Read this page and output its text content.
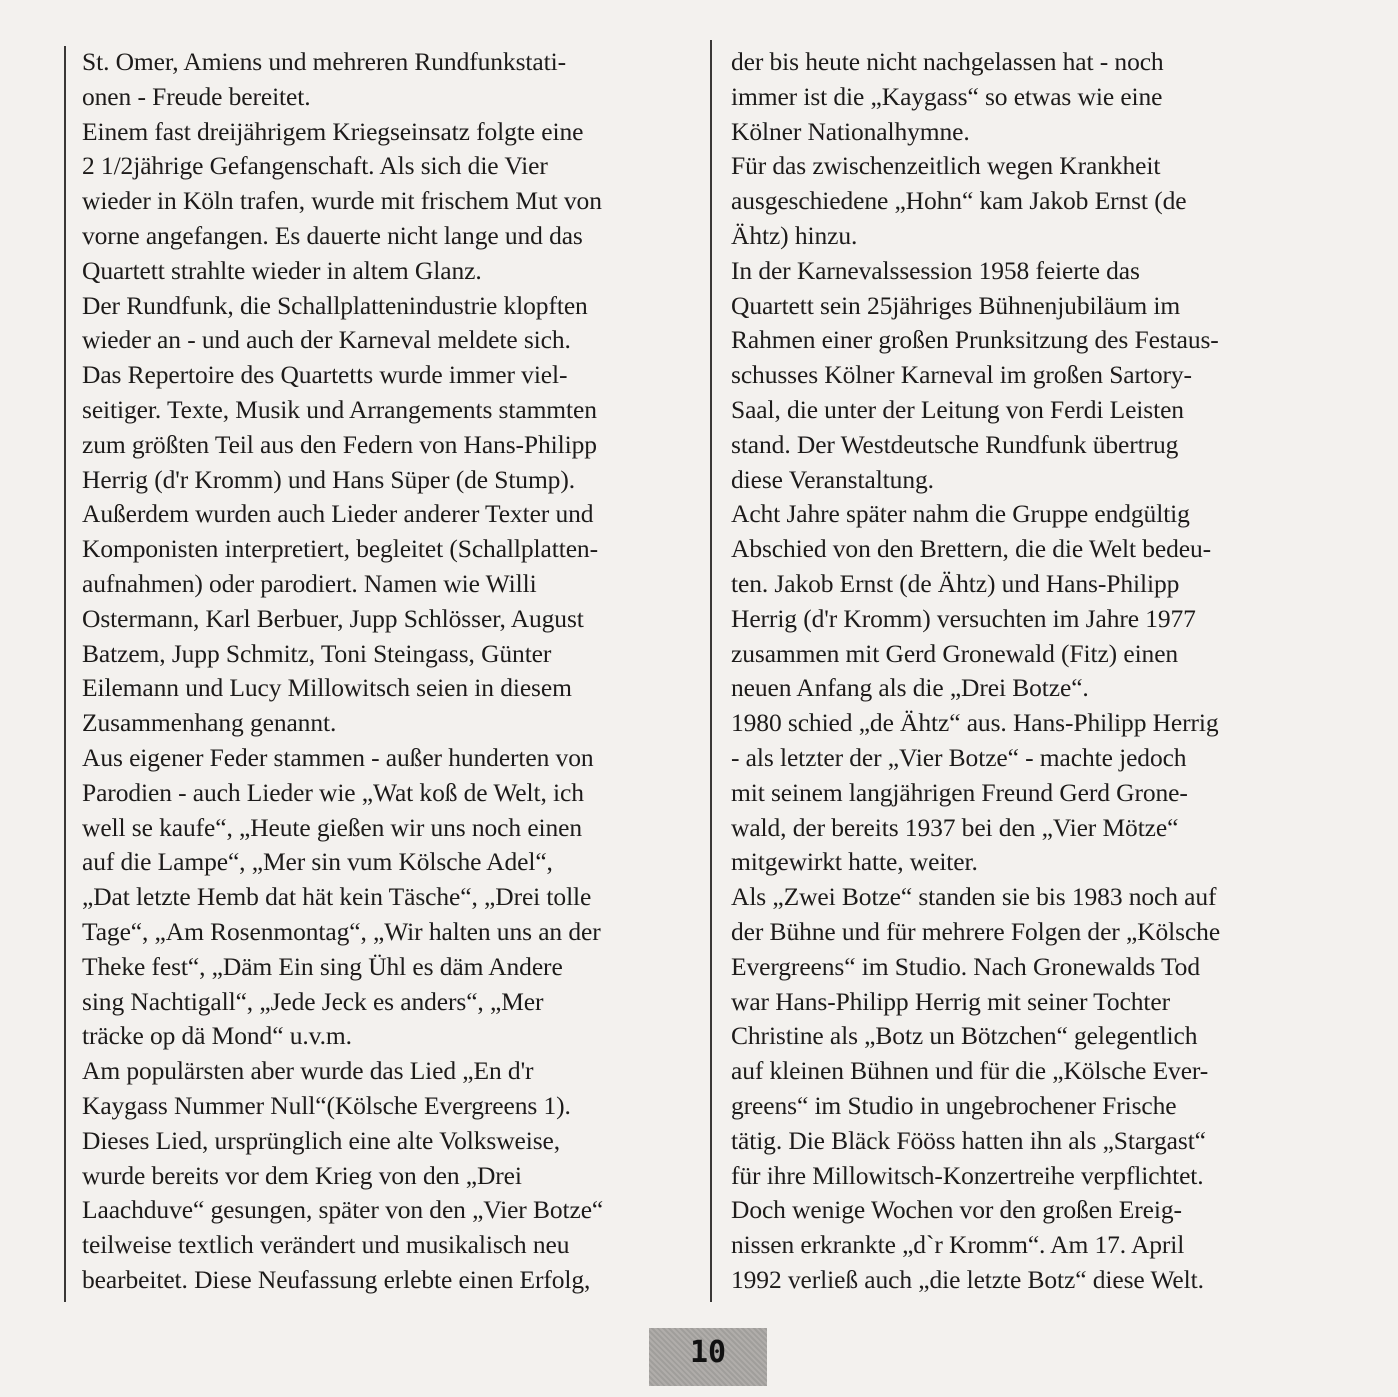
St. Omer, Amiens und mehreren Rundfunkstati-
onen - Freude bereitet.
Einem fast dreijährigem Kriegseinsatz folgte eine
2 1/2jährige Gefangenschaft. Als sich die Vier
wieder in Köln trafen, wurde mit frischem Mut von
vorne angefangen. Es dauerte nicht lange und das
Quartett strahlte wieder in altem Glanz.
Der Rundfunk, die Schallplattenindustrie klopften
wieder an - und auch der Karneval meldete sich.
Das Repertoire des Quartetts wurde immer viel-
seitiger. Texte, Musik und Arrangements stammten
zum größten Teil aus den Federn von Hans-Philipp
Herrig (d'r Kromm) und Hans Süper (de Stump).
Außerdem wurden auch Lieder anderer Texter und
Komponisten interpretiert, begleitet (Schallplatten-
aufnahmen) oder parodiert. Namen wie Willi
Ostermann, Karl Berbuer, Jupp Schlösser, August
Batzem, Jupp Schmitz, Toni Steingass, Günter
Eilemann und Lucy Millowitsch seien in diesem
Zusammenhang genannt.
Aus eigener Feder stammen - außer hunderten von
Parodien - auch Lieder wie „Wat koß de Welt, ich
well se kaufe“, „Heute gießen wir uns noch einen
auf die Lampe“, „Mer sin vum Kölsche Adel“,
„Dat letzte Hemb dat hät kein Täsche“, „Drei tolle
Tage“, „Am Rosenmontag“, „Wir halten uns an der
Theke fest“, „Däm Ein sing Ühl es däm Andere
sing Nachtigall“, „Jede Jeck es anders“, „Mer
träcke op dä Mond“ u.v.m.
Am populärsten aber wurde das Lied „En d'r
Kaygass Nummer Null“(Kölsche Evergreens 1).
Dieses Lied, ursprünglich eine alte Volksweise,
wurde bereits vor dem Krieg von den „Drei
Laachduve“ gesungen, später von den „Vier Botze“
teilweise textlich verändert und musikalisch neu
bearbeitet. Diese Neufassung erlebte einen Erfolg,
der bis heute nicht nachgelassen hat - noch
immer ist die „Kaygass“ so etwas wie eine
Kölner Nationalhymne.
Für das zwischenzeitlich wegen Krankheit
ausgeschiedene „Hohn“ kam Jakob Ernst (de
Ähtz) hinzu.
In der Karnevalssession 1958 feierte das
Quartett sein 25jähriges Bühnenjubiläum im
Rahmen einer großen Prunksitzung des Festaus-
schusses Kölner Karneval im großen Sartory-
Saal, die unter der Leitung von Ferdi Leisten
stand. Der Westdeutsche Rundfunk übertrug
diese Veranstaltung.
Acht Jahre später nahm die Gruppe endgültig
Abschied von den Brettern, die die Welt bedeu-
ten. Jakob Ernst (de Ähtz) und Hans-Philipp
Herrig (d'r Kromm) versuchten im Jahre 1977
zusammen mit Gerd Gronewald (Fitz) einen
neuen Anfang als die „Drei Botze“.
1980 schied „de Ähtz“ aus. Hans-Philipp Herrig
- als letzter der „Vier Botze“ - machte jedoch
mit seinem langjährigen Freund Gerd Grone-
wald, der bereits 1937 bei den „Vier Mötze“
mitgewirkt hatte, weiter.
Als „Zwei Botze“ standen sie bis 1983 noch auf
der Bühne und für mehrere Folgen der „Kölsche
Evergreens“ im Studio. Nach Gronewalds Tod
war Hans-Philipp Herrig mit seiner Tochter
Christine als „Botz un Bötzchen“ gelegentlich
auf kleinen Bühnen und für die „Kölsche Ever-
greens“ im Studio in ungebrochener Frische
tätig. Die Bläck Fööss hatten ihn als „Stargast“
für ihre Millowitsch-Konzertreihe verpflichtet.
Doch wenige Wochen vor den großen Ereig-
nissen erkrankte „d`r Kromm“. Am 17. April
1992 verließ auch „die letzte Botz“ diese Welt.
10
